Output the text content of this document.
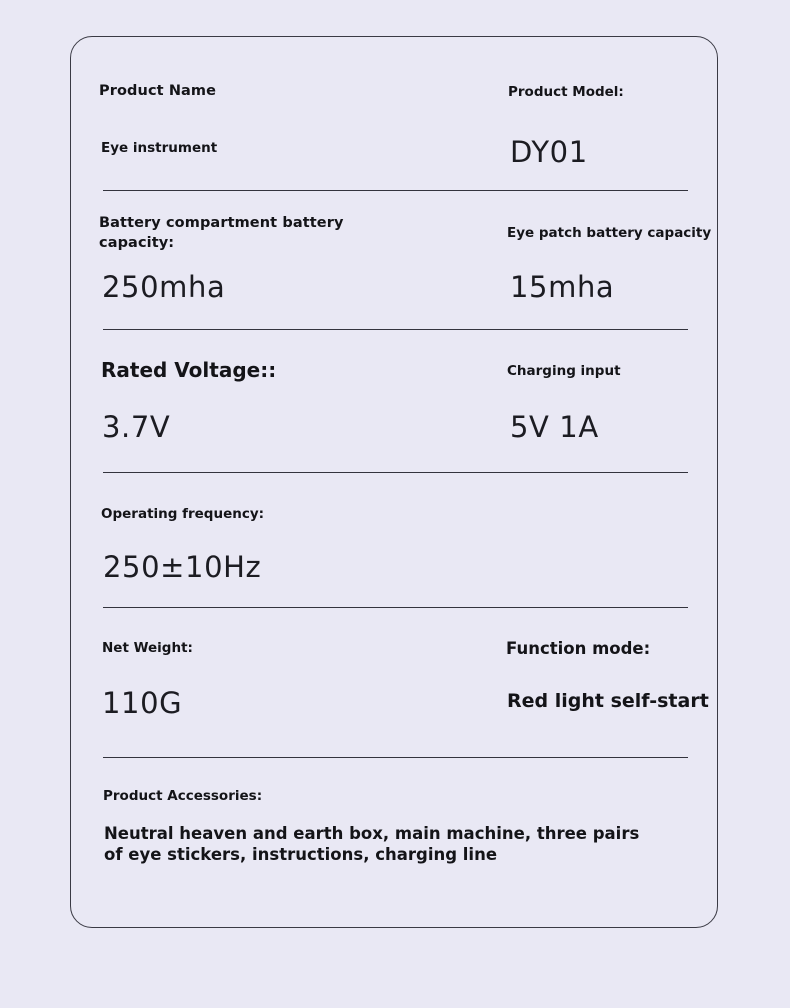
Product Name

Eye instrument

Product Model:

DY01

Battery compartment battery capacity:

250mha

Eye patch battery capacity

15mha

Rated Voltage::

3.7V

Charging input

5V 1A

Operating frequency:

250±10Hz

Net Weight:

110G

Function mode:

Red light self-start

Product Accessories:

Neutral heaven and earth box, main machine, three pairs of eye stickers, instructions, charging line
